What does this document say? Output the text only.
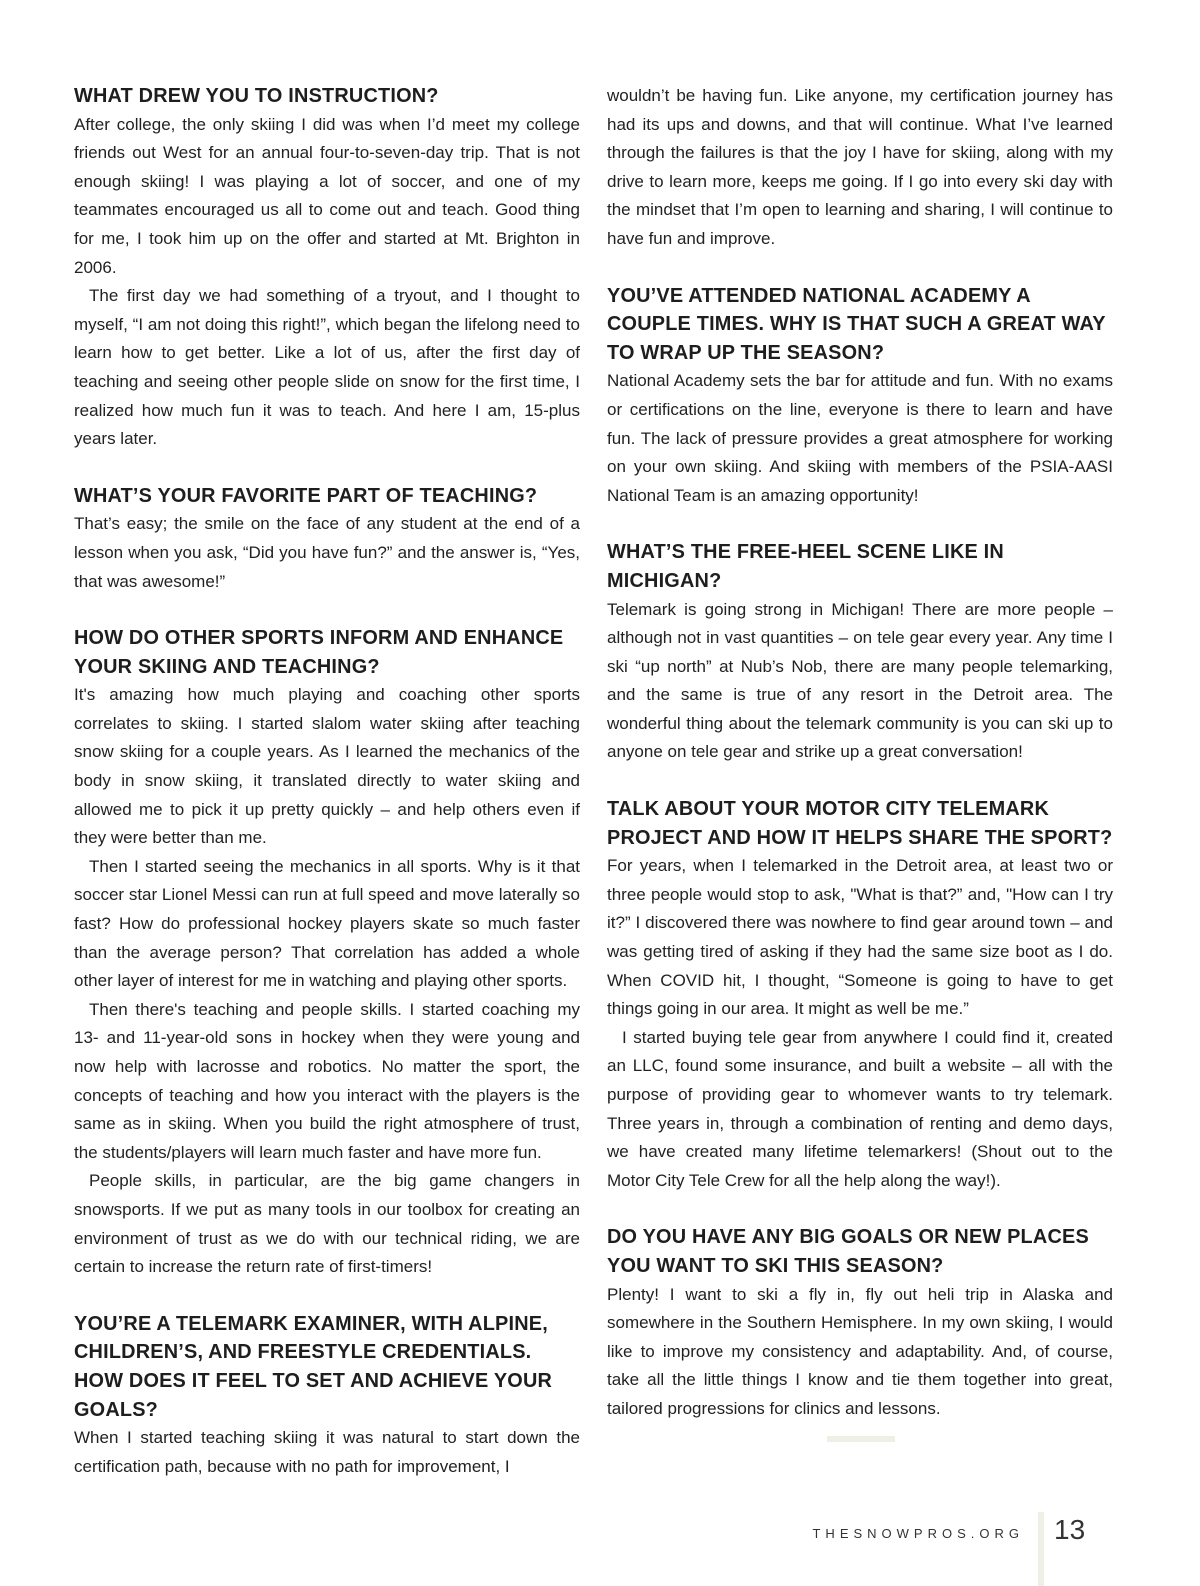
WHAT DREW YOU TO INSTRUCTION?

After college, the only skiing I did was when I’d meet my college friends out West for an annual four-to-seven-day trip. That is not enough skiing! I was playing a lot of soccer, and one of my teammates encouraged us all to come out and teach. Good thing for me, I took him up on the offer and started at Mt. Brighton in 2006.

The first day we had something of a tryout, and I thought to myself, “I am not doing this right!”, which began the lifelong need to learn how to get better. Like a lot of us, after the first day of teaching and seeing other people slide on snow for the first time, I realized how much fun it was to teach. And here I am, 15-plus years later.

WHAT’S YOUR FAVORITE PART OF TEACHING?

That’s easy; the smile on the face of any student at the end of a lesson when you ask, “Did you have fun?” and the answer is, “Yes, that was awesome!”

HOW DO OTHER SPORTS INFORM AND ENHANCE YOUR SKIING AND TEACHING?

It's amazing how much playing and coaching other sports correlates to skiing. I started slalom water skiing after teaching snow skiing for a couple years. As I learned the mechanics of the body in snow skiing, it translated directly to water skiing and allowed me to pick it up pretty quickly – and help others even if they were better than me.

Then I started seeing the mechanics in all sports. Why is it that soccer star Lionel Messi can run at full speed and move laterally so fast? How do professional hockey players skate so much faster than the average person? That correlation has added a whole other layer of interest for me in watching and playing other sports.

Then there's teaching and people skills. I started coaching my 13- and 11-year-old sons in hockey when they were young and now help with lacrosse and robotics. No matter the sport, the concepts of teaching and how you interact with the players is the same as in skiing. When you build the right atmosphere of trust, the students/players will learn much faster and have more fun.

People skills, in particular, are the big game changers in snowsports. If we put as many tools in our toolbox for creating an environment of trust as we do with our technical riding, we are certain to increase the return rate of first-timers!

YOU’RE A TELEMARK EXAMINER, WITH ALPINE, CHILDREN’S, AND FREESTYLE CREDENTIALS. HOW DOES IT FEEL TO SET AND ACHIEVE YOUR GOALS?

When I started teaching skiing it was natural to start down the certification path, because with no path for improvement, I

wouldn’t be having fun. Like anyone, my certification journey has had its ups and downs, and that will continue. What I’ve learned through the failures is that the joy I have for skiing, along with my drive to learn more, keeps me going. If I go into every ski day with the mindset that I’m open to learning and sharing, I will continue to have fun and improve.

YOU’VE ATTENDED NATIONAL ACADEMY A COUPLE TIMES. WHY IS THAT SUCH A GREAT WAY TO WRAP UP THE SEASON?

National Academy sets the bar for attitude and fun. With no exams or certifications on the line, everyone is there to learn and have fun. The lack of pressure provides a great atmosphere for working on your own skiing. And skiing with members of the PSIA-AASI National Team is an amazing opportunity!

WHAT’S THE FREE-HEEL SCENE LIKE IN MICHIGAN?

Telemark is going strong in Michigan! There are more people – although not in vast quantities – on tele gear every year. Any time I ski “up north” at Nub’s Nob, there are many people telemarking, and the same is true of any resort in the Detroit area. The wonderful thing about the telemark community is you can ski up to anyone on tele gear and strike up a great conversation!

TALK ABOUT YOUR MOTOR CITY TELEMARK PROJECT AND HOW IT HELPS SHARE THE SPORT?

For years, when I telemarked in the Detroit area, at least two or three people would stop to ask, "What is that?” and, "How can I try it?” I discovered there was nowhere to find gear around town – and was getting tired of asking if they had the same size boot as I do. When COVID hit, I thought, “Someone is going to have to get things going in our area. It might as well be me.”

I started buying tele gear from anywhere I could find it, created an LLC, found some insurance, and built a website – all with the purpose of providing gear to whomever wants to try telemark. Three years in, through a combination of renting and demo days, we have created many lifetime telemarkers! (Shout out to the Motor City Tele Crew for all the help along the way!).

DO YOU HAVE ANY BIG GOALS OR NEW PLACES YOU WANT TO SKI THIS SEASON?

Plenty! I want to ski a fly in, fly out heli trip in Alaska and somewhere in the Southern Hemisphere. In my own skiing, I would like to improve my consistency and adaptability. And, of course, take all the little things I know and tie them together into great, tailored progressions for clinics and lessons.

THESNOWPROS.ORG 13
